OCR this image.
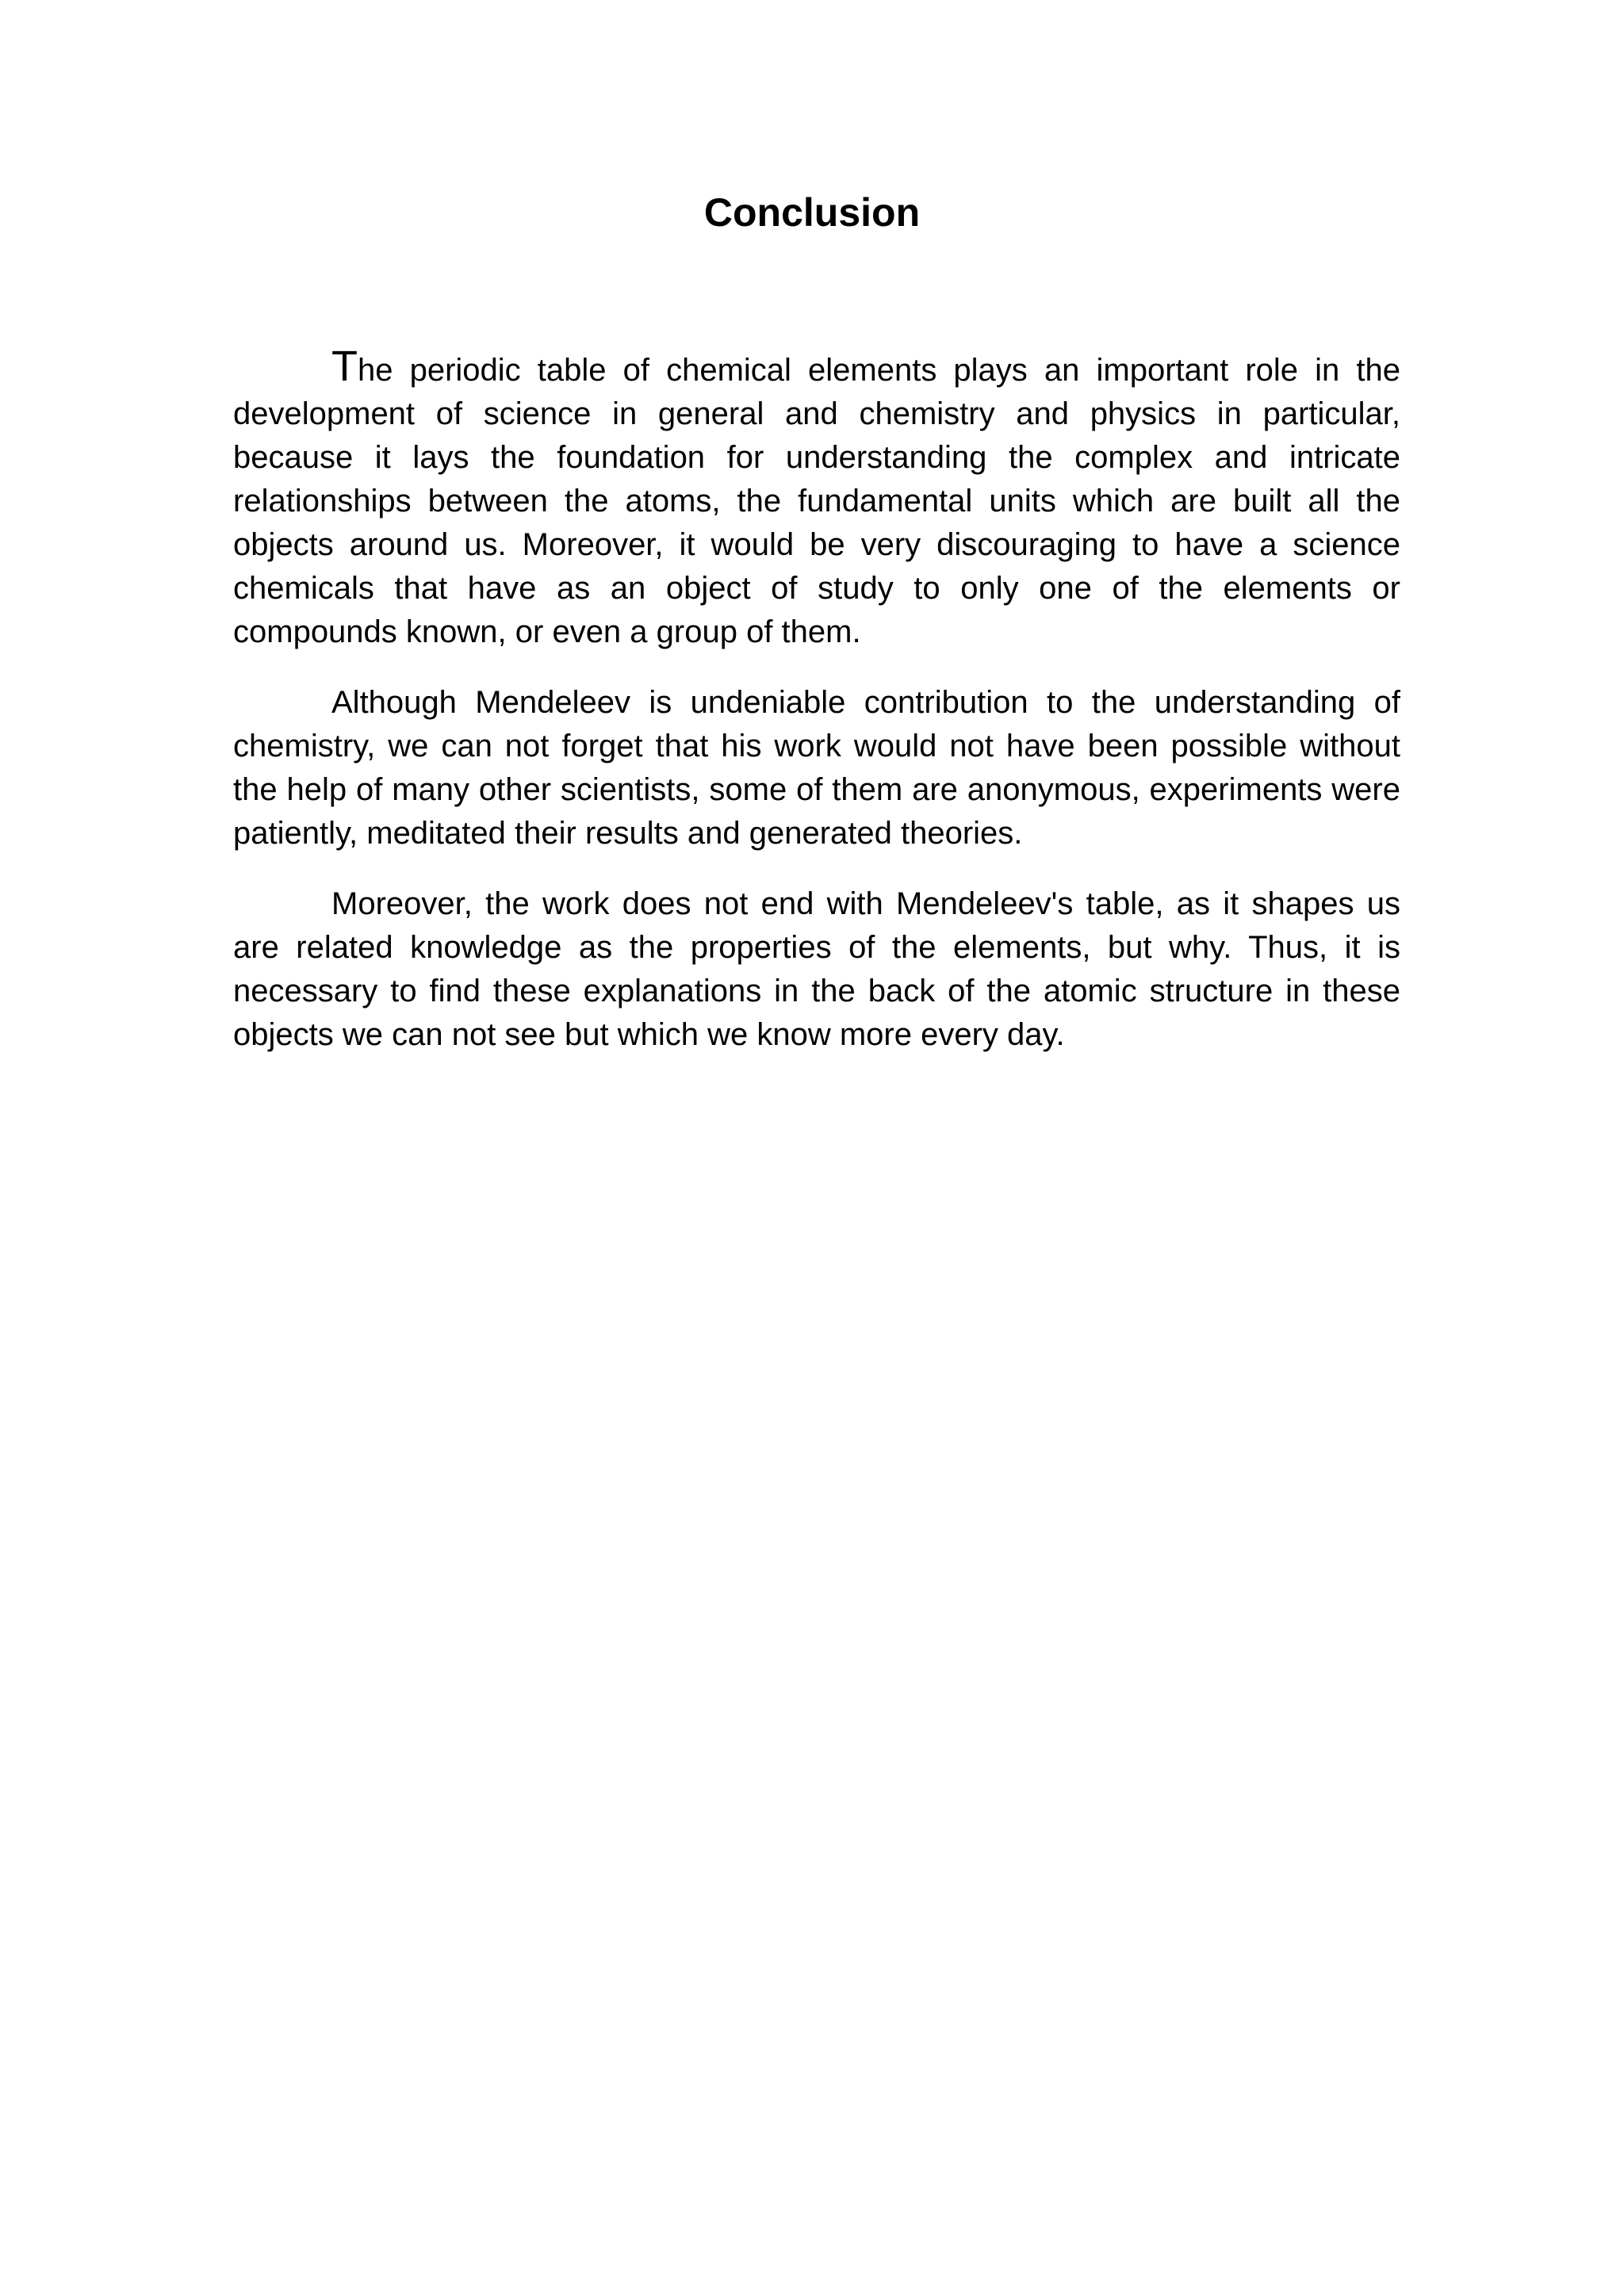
Conclusion

The periodic table of chemical elements plays an important role in the development of science in general and chemistry and physics in particular, because it lays the foundation for understanding the complex and intricate relationships between the atoms, the fundamental units which are built all the objects around us. Moreover, it would be very discouraging to have a science chemicals that have as an object of study to only one of the elements or compounds known, or even a group of them.

Although Mendeleev is undeniable contribution to the understanding of chemistry, we can not forget that his work would not have been possible without the help of many other scientists, some of them are anonymous, experiments were patiently, meditated their results and generated theories.

Moreover, the work does not end with Mendeleev's table, as it shapes us are related knowledge as the properties of the elements, but why. Thus, it is necessary to find these explanations in the back of the atomic structure in these objects we can not see but which we know more every day.
